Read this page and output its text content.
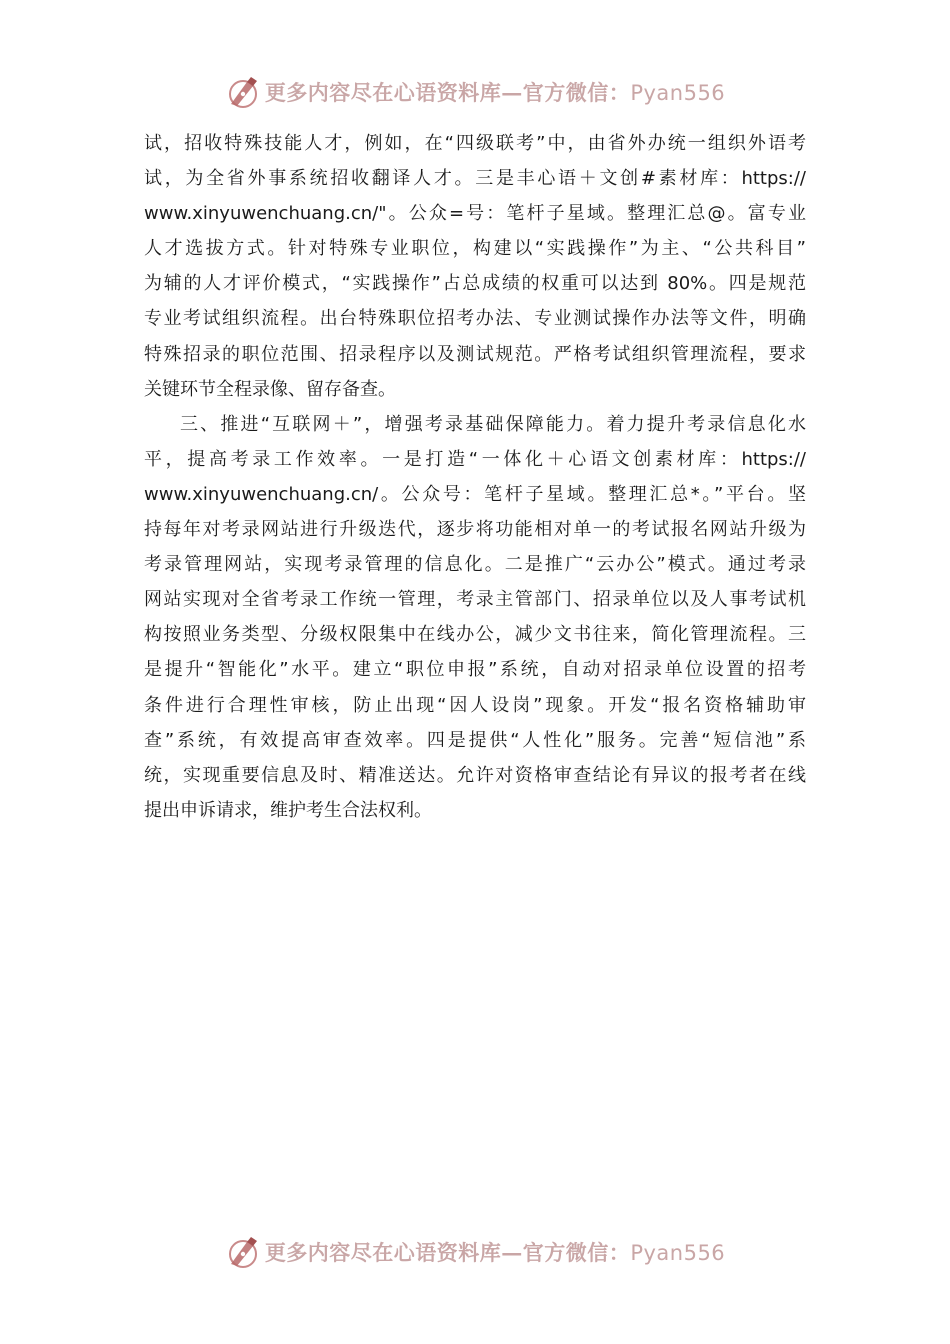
更多内容尽在心语资料库—官方微信：Pyan556
试，招收特殊技能人才，例如，在“四级联考”中，由省外办统一组织外语考
试，为全省外事系统招收翻译人才。三是丰心语＋文创#素材库：https://
www.xinyuwenchuang.cn/"。公众=号：笔杆子星域。整理汇总@。富专业
人才选拔方式。针对特殊专业职位，构建以“实践操作”为主、“公共科目”
为辅的人才评价模式，“实践操作”占总成绩的权重可以达到 80%。四是规范
专业考试组织流程。出台特殊职位招考办法、专业测试操作办法等文件，明确
特殊招录的职位范围、招录程序以及测试规范。严格考试组织管理流程，要求
关键环节全程录像、留存备查。
三、推进“互联网＋”，增强考录基础保障能力。着力提升考录信息化水
平，提高考录工作效率。一是打造“一体化＋心语文创素材库：https://
www.xinyuwenchuang.cn/。公众号：笔杆子星域。整理汇总*。”平台。坚
持每年对考录网站进行升级迭代，逐步将功能相对单一的考试报名网站升级为
考录管理网站，实现考录管理的信息化。二是推广“云办公”模式。通过考录
网站实现对全省考录工作统一管理，考录主管部门、招录单位以及人事考试机
构按照业务类型、分级权限集中在线办公，减少文书往来，简化管理流程。三
是提升“智能化”水平。建立“职位申报”系统，自动对招录单位设置的招考
条件进行合理性审核，防止出现“因人设岗”现象。开发“报名资格辅助审
查”系统，有效提高审查效率。四是提供“人性化”服务。完善“短信池”系
统，实现重要信息及时、精准送达。允许对资格审查结论有异议的报考者在线
提出申诉请求，维护考生合法权利。
更多内容尽在心语资料库—官方微信：Pyan556
